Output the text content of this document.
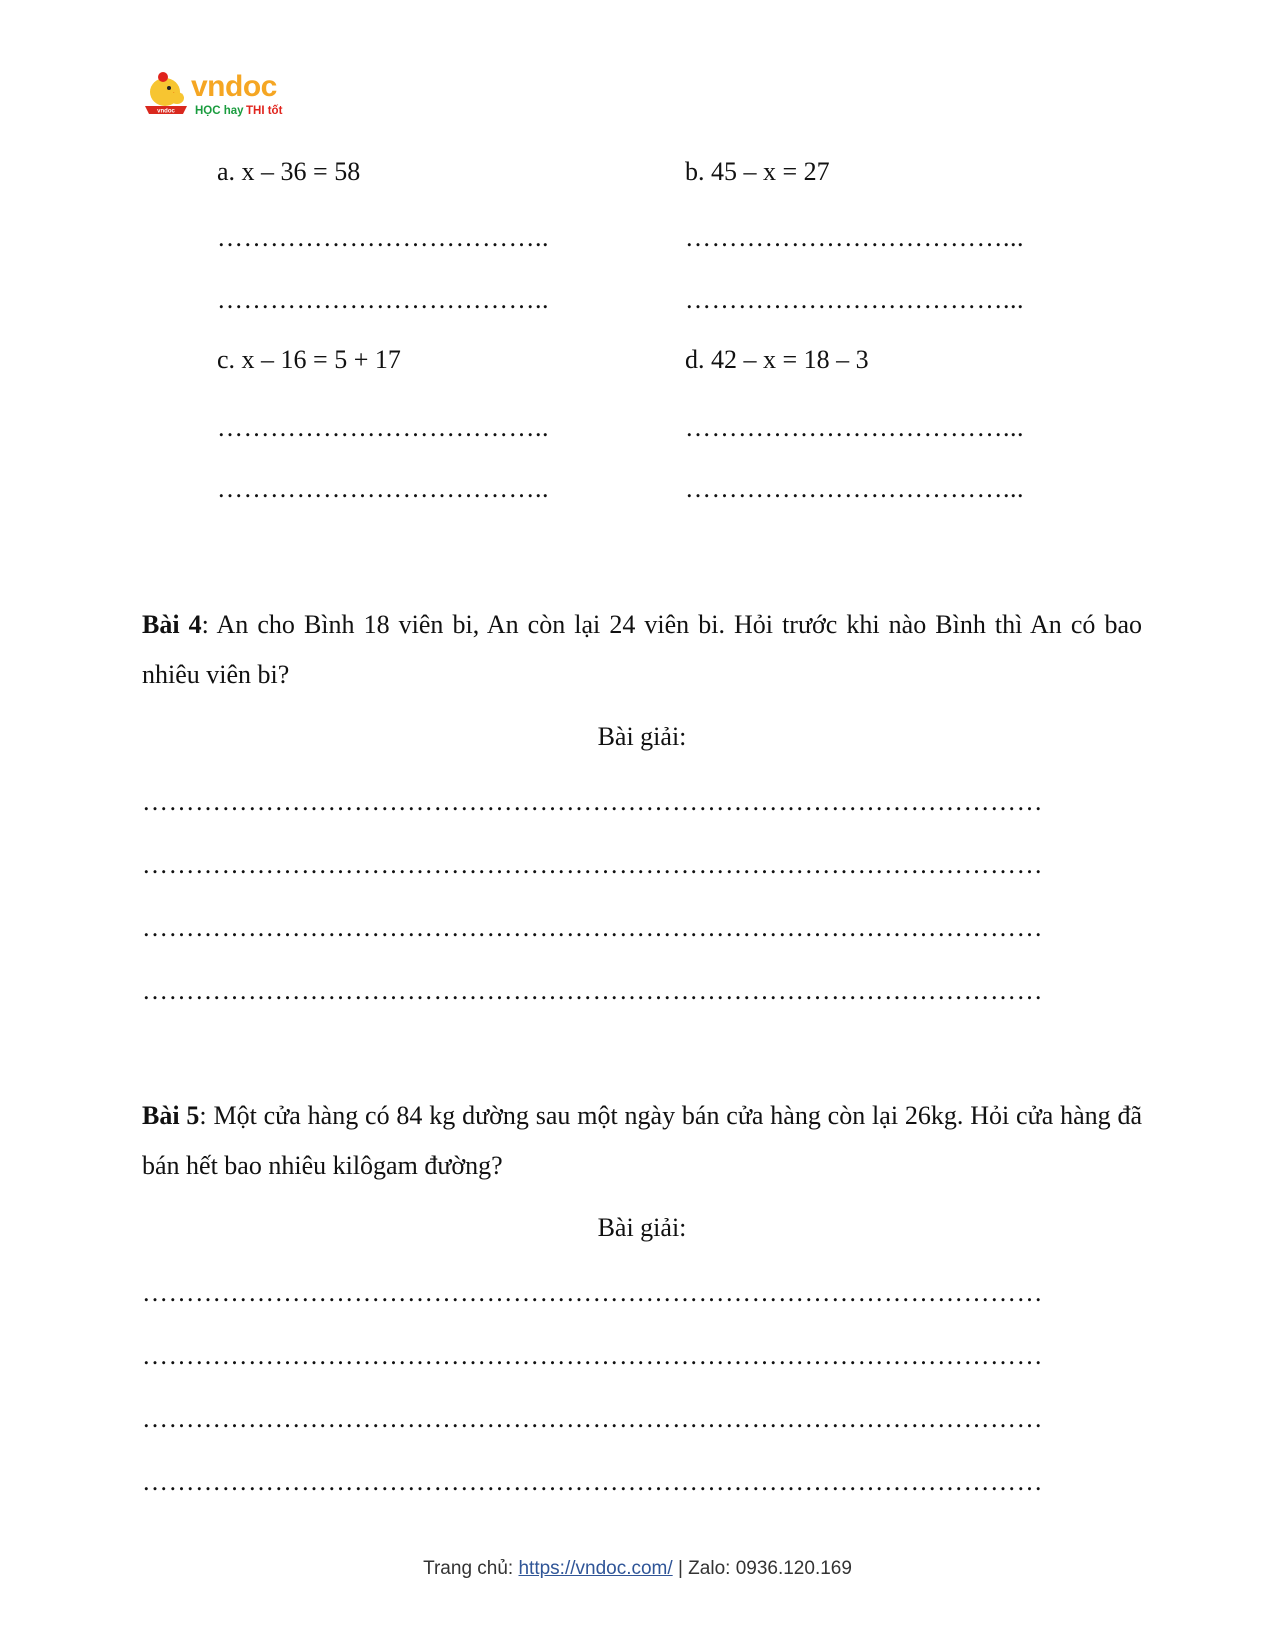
vndoc
vndoc
HỌC hay THI tốt
a. x – 36 = 58
………………………………..
………………………………..
b. 45 – x = 27
………………………………...
………………………………...
c. x – 16 = 5 + 17
………………………………..
………………………………..
d. 42 – x = 18 – 3
………………………………...
………………………………...
Bài 4: An cho Bình 18 viên bi, An còn lại 24 viên bi. Hỏi trước khi nào Bình thì An có bao nhiêu viên bi?
Bài giải:
…………………………………………………………………………………………
…………………………………………………………………………………………
…………………………………………………………………………………………
…………………………………………………………………………………………
Bài 5: Một cửa hàng có 84 kg dường sau một ngày bán cửa hàng còn lại 26kg. Hỏi cửa hàng đã bán hết bao nhiêu kilôgam đường?
Bài giải:
…………………………………………………………………………………………
…………………………………………………………………………………………
…………………………………………………………………………………………
…………………………………………………………………………………………
Trang chủ: https://vndoc.com/ | Zalo: 0936.120.169
